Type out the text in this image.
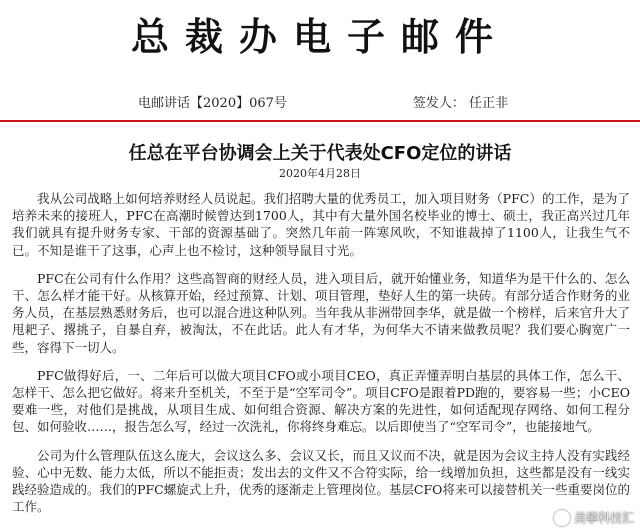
总裁办电子邮件
电邮讲话【2020】067号	签发人： 任正非
任总在平台协调会上关于代表处CFO定位的讲话
2020年4月28日

我从公司战略上如何培养财经人员说起。我们招聘大量的优秀员工，加入项目财务（PFC）的工作，是为了培养未来的接班人，PFC在高潮时候曾达到1700人，其中有大量外国名校毕业的博士、硕士，我正高兴过几年我们就具有提升财务专家、干部的资源基础了。突然几年前一阵寒风吹，不知谁裁掉了1100人，让我生气不已。不知是谁干了这事，心声上也不检讨，这种领导鼠目寸光。

PFC在公司有什么作用？这些高智商的财经人员，进入项目后，就开始懂业务，知道华为是干什么的、怎么干、怎么样才能干好。从核算开始，经过预算、计划、项目管理，垫好人生的第一块砖。有部分适合作财务的业务人员，在基层熟悉财务后，也可以混合进这种队列。当年我从非洲带回李华，就是做一个榜样，后来官升大了甩耙子、撂挑子，自暴自弃，被淘汰，不在此话。此人有才华，为何华大不请来做教员呢？我们要心胸宽广一些，容得下一切人。

PFC做得好后，一、二年后可以做大项目CFO或小项目CEO，真正弄懂弄明白基层的具体工作，怎么干、怎样干、怎么把它做好。将来升至机关，不至于是“空军司令”。项目CFO是跟着PD跑的，要容易一些；小CEO要难一些，对他们是挑战，从项目生成、如何组合资源、解决方案的先进性，如何适配现存网络、如何工程分包、如何验收……，报告怎么写，经过一次洗礼，你将终身难忘。以后即使当了“空军司令”，也能接地气。

公司为什么管理队伍这么庞大，会议这么多、会议又长，而且又议而不决，就是因为会议主持人没有实践经验、心中无数、能力太低，所以不能拒责；发出去的文件又不合符实际，给一线增加负担，这些都是没有一线实践经验造成的。我们的PFC螺旋式上升，优秀的逐渐走上管理岗位。基层CFO将来可以接替机关一些重要岗位的工作。

美攀科技汇
